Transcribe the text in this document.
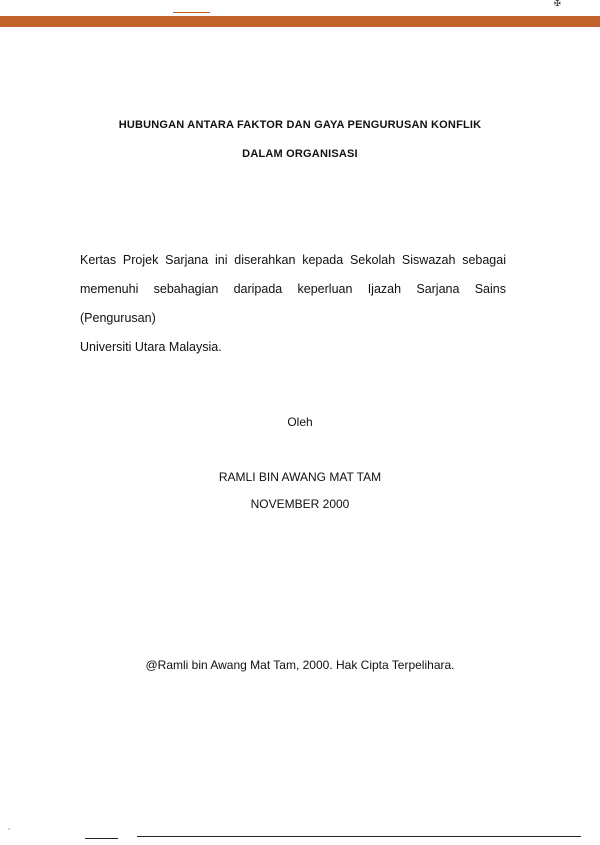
✠
HUBUNGAN ANTARA FAKTOR DAN GAYA PENGURUSAN KONFLIK
DALAM ORGANISASI
Kertas Projek Sarjana ini diserahkan kepada Sekolah Siswazah sebagai
memenuhi sebahagian daripada keperluan Ijazah Sarjana Sains (Pengurusan)
Universiti Utara Malaysia.
Oleh
RAMLI BIN AWANG MAT TAM
NOVEMBER 2000
@Ramli bin Awang Mat Tam, 2000. Hak Cipta Terpelihara.
,
